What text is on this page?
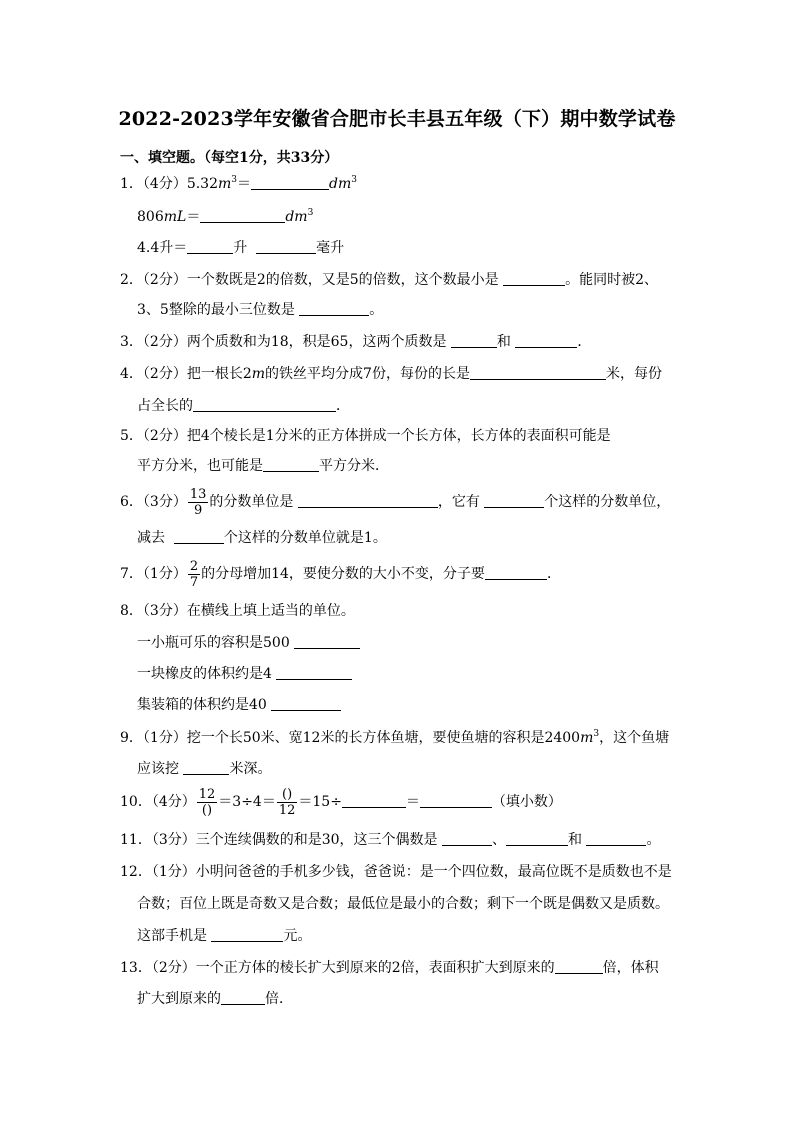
2022-2023学年安徽省合肥市长丰县五年级（下）期中数学试卷
一、填空题。（每空1分，共33分）
1．（4分）$5.32m^3=$	$dm^3$
806mL＝	$dm^3$
4.4升＝	升	毫升
2．（2分）一个数既是2的倍数，又是5的倍数，这个数最小是	。能同时被2、
3、5整除的最小三位数是	。
3．（2分）两个质数和为18，积是65，这两个质数是	和	．
4．（2分）把一根长2m的铁丝平均分成7份，每份的长是	米，每份
占全长的	．
5．（2分）把4个棱长是1分米的正方体拼成一个长方体，长方体的表面积可能是
平方分米，也可能是	平方分米．
6．（3分） $\frac{13}{9}$ 的分数单位是	，它有	个这样的分数单位，
减去	个这样的分数单位就是1。
7．（1分） $\frac{2}{7}$ 的分母增加14，要使分数的大小不变，分子要	．
8．（3分）在横线上填上适当的单位。
一小瓶可乐的容积是500
一块橡皮的体积约是4
集装箱的体积约是40
9．（1分）挖一个长50米、宽12米的长方体鱼塘，要使鱼塘的容积是$2400m^3$，这个鱼塘
应该挖	米深。
10．（4分） $\frac{12}{()} =3\div 4= \frac{()}{12} =15\div$	＝	（填小数）
11．（3分）三个连续偶数的和是30，这三个偶数是	、	和	。
12．（1分）小明问爸爸的手机多少钱，爸爸说：是一个四位数，最高位既不是质数也不是
合数；百位上既是奇数又是合数；最低位是最小的合数；剩下一个既是偶数又是质数。
这部手机是	元。
13．（2分）一个正方体的棱长扩大到原来的2倍，表面积扩大到原来的	倍，体积
扩大到原来的	倍．
